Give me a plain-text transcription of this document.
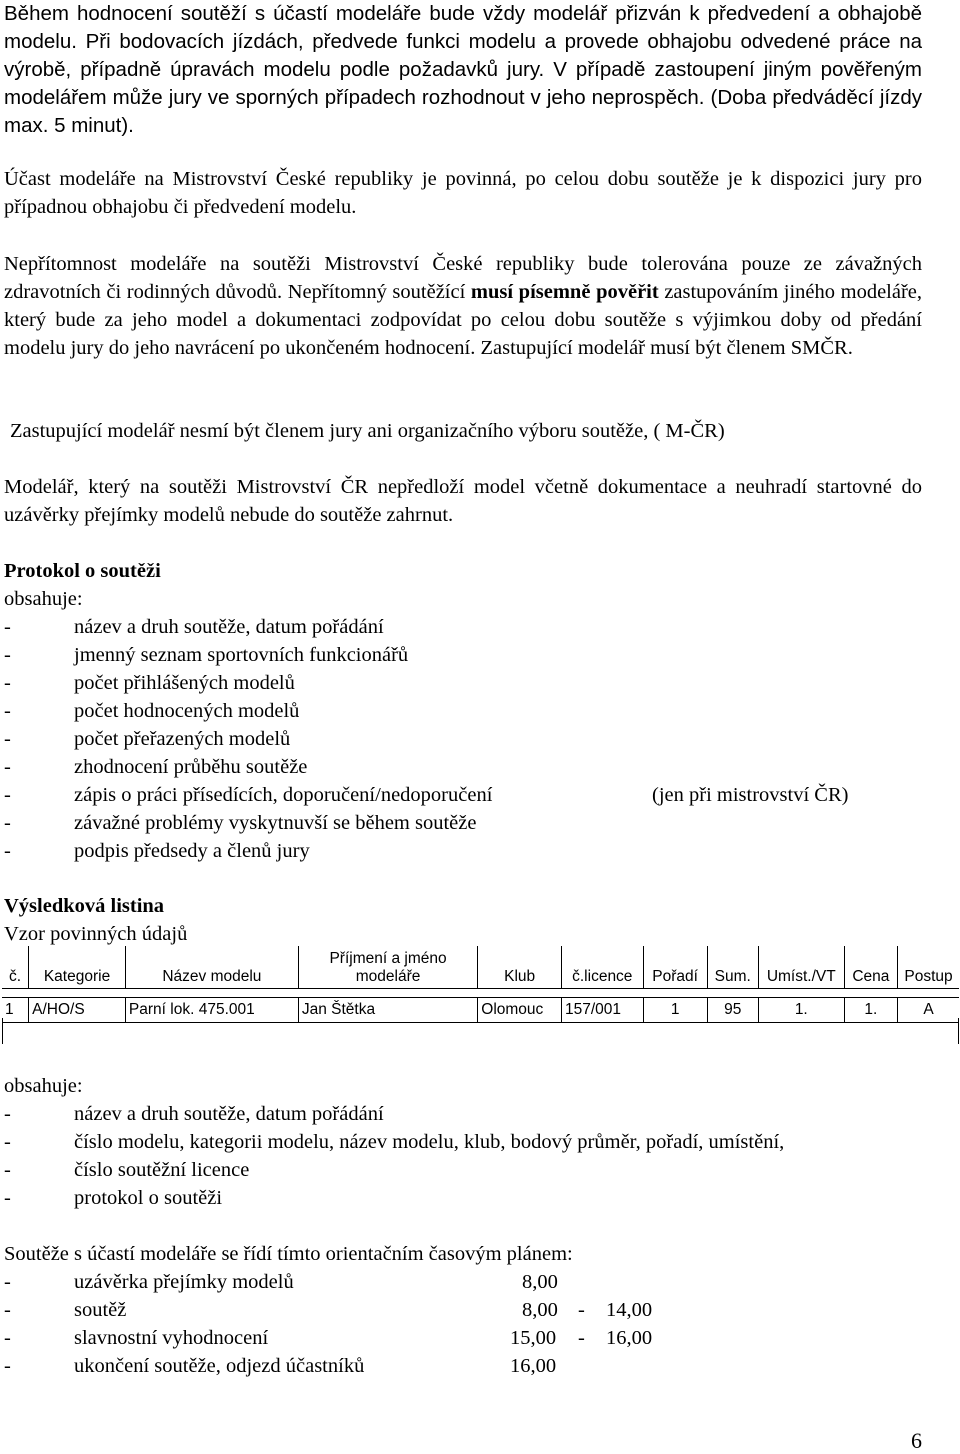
Během hodnocení soutěží s účastí modeláře bude vždy modelář přizván k předvedení a obhajobě modelu. Při bodovacích jízdách, předvede funkci modelu a provede obhajobu odvedené práce na výrobě, případně úpravách modelu podle požadavků jury. V případě zastoupení jiným pověřeným modelářem může jury ve sporných případech rozhodnout v jeho neprospěch. (Doba předváděcí jízdy max. 5 minut).

Účast modeláře na Mistrovství České republiky je povinná, po celou dobu soutěže je k dispozici jury pro případnou obhajobu či předvedení modelu.

Nepřítomnost modeláře na soutěži Mistrovství České republiky bude tolerována pouze ze závažných zdravotních či rodinných důvodů. Nepřítomný soutěžící musí písemně pověřit zastupováním jiného modeláře, který bude za jeho model a dokumentaci zodpovídat po celou dobu soutěže s výjimkou doby od předání modelu jury do jeho navrácení po ukončeném hodnocení. Zastupující modelář musí být členem SMČR.

Zastupující modelář nesmí být členem jury ani organizačního výboru soutěže, ( M-ČR)

Modelář, který na soutěži Mistrovství ČR nepředloží model včetně dokumentace a neuhradí startovné do uzávěrky přejímky modelů nebude do soutěže zahrnut.

Protokol o soutěži

obsahuje:

- název a druh soutěže, datum pořádání
- jmenný seznam sportovních funkcionářů
- počet přihlášených modelů
- počet hodnocených modelů
- počet přeřazených modelů
- zhodnocení průběhu soutěže
- zápis o práci přísedících, doporučení/nedoporučení	(jen při mistrovství ČR)
- závažné problémy vyskytnuvší se během soutěže
- podpis předsedy a členů jury
Výsledková listina

Vzor povinných údajů

č.	Kategorie	Název modelu	Příjmení a jméno
modeláře	Klub	č.licence	Pořadí	Sum.	Umíst./VT	Cena	Postup

1	A/HO/S	Parní lok. 475.001	Jan Štětka	Olomouc	157/001	1	95	1.	1.	A

obsahuje:

- název a druh soutěže, datum pořádání
- číslo modelu, kategorii modelu, název modelu, klub, bodový průměr, pořadí, umístění,
- číslo soutěžní licence
- protokol o soutěži

Soutěže s účastí modeláře se řídí tímto orientačním časovým plánem:

- uzávěrka přejímky modelů	8,00
- soutěž	8,00 - 14,00
- slavnostní vyhodnocení	15,00 - 16,00
- ukončení soutěže, odjezd účastníků	16,00
6
